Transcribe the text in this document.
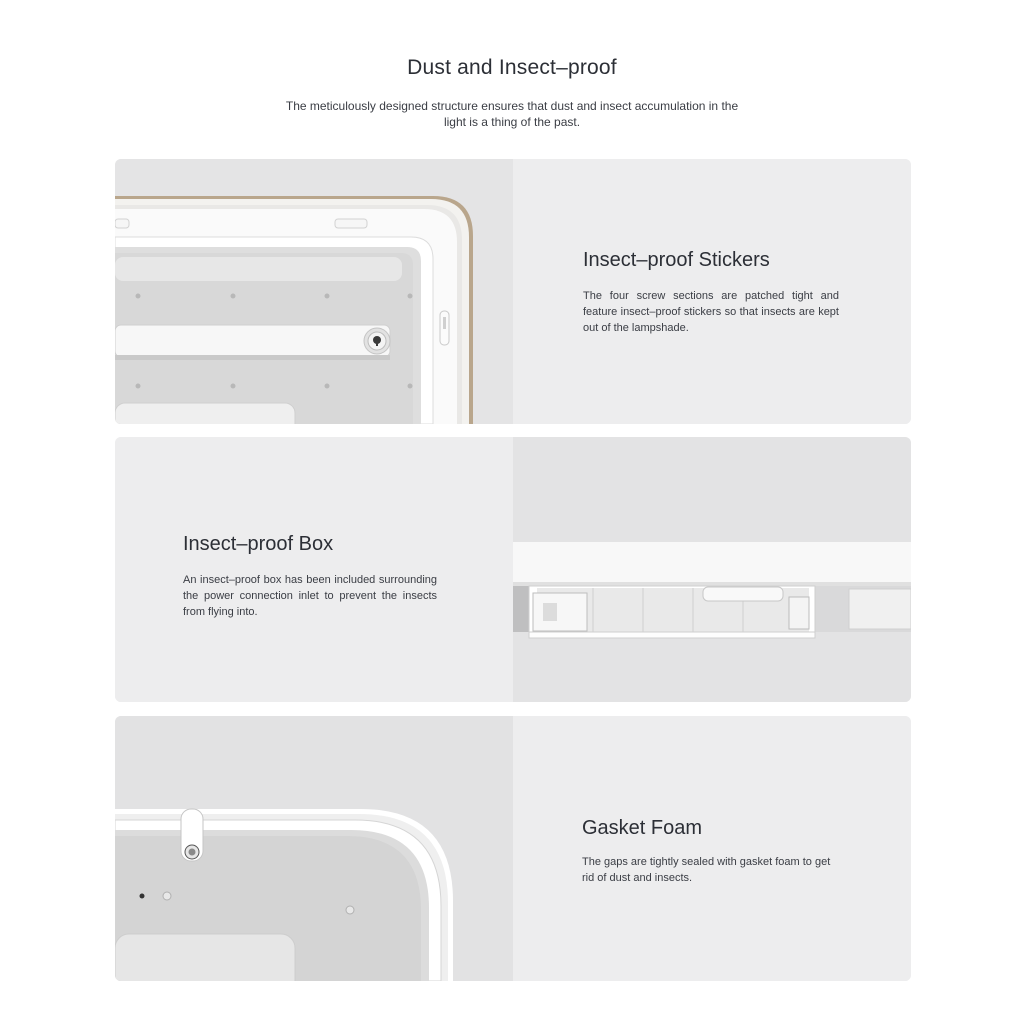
Dust and Insect–proof

The meticulously designed structure ensures that dust and insect accumulation in the light is a thing of the past.

Insect–proof Stickers

The four screw sections are patched tight and feature insect–proof stickers so that insects are kept out of the lampshade.

Insect–proof Box

An insect–proof box has been included surrounding the power connection inlet to prevent the insects from flying into.

Gasket Foam

The gaps are tightly sealed with gasket foam to get rid of dust and insects.
